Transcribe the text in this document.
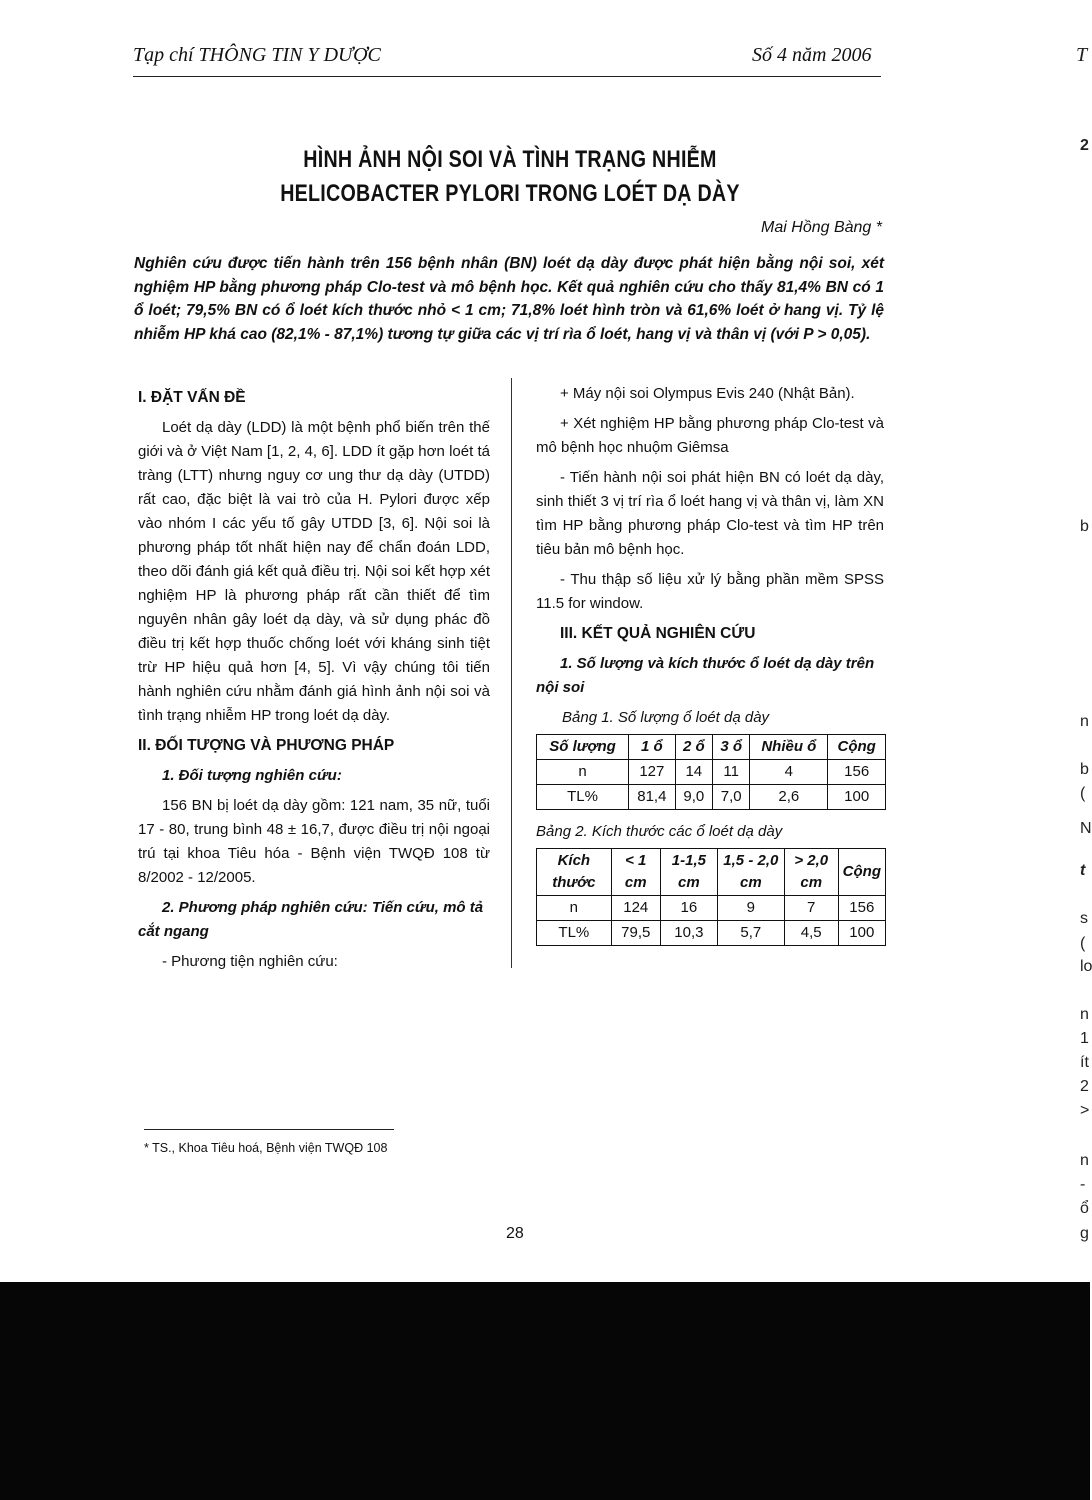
Tạp chí THÔNG TIN Y DƯỢC	Số 4 năm 2006	T
2
HÌNH ẢNH NỘI SOI VÀ TÌNH TRẠNG NHIỄM
HELICOBACTER PYLORI TRONG LOÉT DẠ DÀY
Mai Hồng Bàng *
Nghiên cứu được tiến hành trên 156 bệnh nhân (BN) loét dạ dày được phát hiện bằng nội soi, xét nghiệm HP bằng phương pháp Clo-test và mô bệnh học. Kết quả nghiên cứu cho thấy 81,4% BN có 1 ổ loét; 79,5% BN có ổ loét kích thước nhỏ < 1 cm; 71,8% loét hình tròn và 61,6% loét ở hang vị. Tỷ lệ nhiễm HP khá cao (82,1% - 87,1%) tương tự giữa các vị trí rìa ổ loét, hang vị và thân vị (với P > 0,05).
I. ĐẶT VẤN ĐỀ

Loét dạ dày (LDD) là một bệnh phổ biến trên thế giới và ở Việt Nam [1, 2, 4, 6]. LDD ít gặp hơn loét tá tràng (LTT) nhưng nguy cơ ung thư dạ dày (UTDD) rất cao, đặc biệt là vai trò của H. Pylori được xếp vào nhóm I các yếu tố gây UTDD [3, 6]. Nội soi là phương pháp tốt nhất hiện nay để chẩn đoán LDD, theo dõi đánh giá kết quả điều trị. Nội soi kết hợp xét nghiệm HP là phương pháp rất cần thiết để tìm nguyên nhân gây loét dạ dày, và sử dụng phác đồ điều trị kết hợp thuốc chống loét với kháng sinh tiệt trừ HP hiệu quả hơn [4, 5]. Vì vậy chúng tôi tiến hành nghiên cứu nhằm đánh giá hình ảnh nội soi và tình trạng nhiễm HP trong loét dạ dày.

II. ĐỐI TƯỢNG VÀ PHƯƠNG PHÁP
1. Đối tượng nghiên cứu:

156 BN bị loét dạ dày gồm: 121 nam, 35 nữ, tuổi 17 - 80, trung bình 48 ± 16,7, được điều trị nội ngoại trú tại khoa Tiêu hóa - Bệnh viện TWQĐ 108 từ 8/2002 - 12/2005.

2. Phương pháp nghiên cứu: Tiến cứu, mô tả cắt ngang

- Phương tiện nghiên cứu:

+ Máy nội soi Olympus Evis 240 (Nhật Bản).

+ Xét nghiệm HP bằng phương pháp Clo-test và mô bệnh học nhuộm Giêmsa

- Tiến hành nội soi phát hiện BN có loét dạ dày, sinh thiết 3 vị trí rìa ổ loét hang vị và thân vị, làm XN tìm HP bằng phương pháp Clo-test và tìm HP trên tiêu bản mô bệnh học.

- Thu thập số liệu xử lý bằng phần mềm SPSS 11.5 for window.

III. KẾT QUẢ NGHIÊN CỨU
1. Số lượng và kích thước ổ loét dạ dày trên nội soi
Bảng 1. Số lượng ổ loét dạ dày
Số lượng	1 ổ	2 ổ	3 ổ	Nhiều ổ	Cộng
n	127	14	11	4	156
TL%	81,4	9,0	7,0	2,6	100
Bảng 2. Kích thước các ổ loét dạ dày
Kích thước	< 1 cm	1-1,5 cm	1,5 - 2,0 cm	> 2,0 cm	Cộng
n	124	16	9	7	156
TL%	79,5	10,3	5,7	4,5	100
* TS., Khoa Tiêu hoá, Bệnh viện TWQĐ 108
28
b
n
b
(
N
t
s
(
lo
n
1
ít
2
>
n
-
ổ
g
